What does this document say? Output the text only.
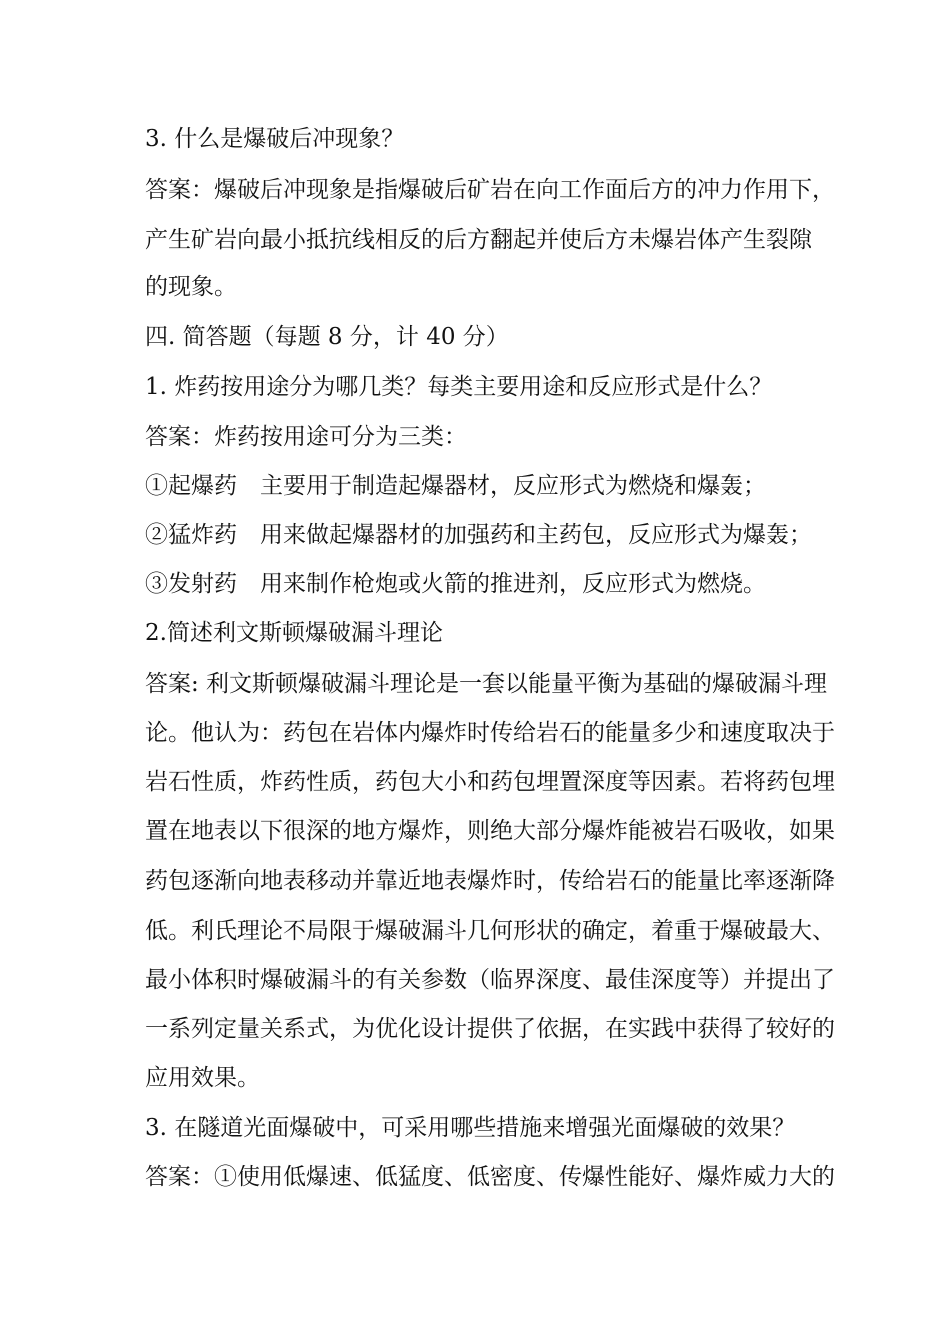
3. 什么是爆破后冲现象？
答案：爆破后冲现象是指爆破后矿岩在向工作面后方的冲力作用下，
产生矿岩向最小抵抗线相反的后方翻起并使后方未爆岩体产生裂隙
的现象。
四. 简答题（每题 8 分，计 40 分）
1. 炸药按用途分为哪几类？每类主要用途和反应形式是什么？
答案：炸药按用途可分为三类：
①起爆药　主要用于制造起爆器材，反应形式为燃烧和爆轰；
②猛炸药　用来做起爆器材的加强药和主药包，反应形式为爆轰；
③发射药　用来制作枪炮或火箭的推进剂，反应形式为燃烧。
2.简述利文斯顿爆破漏斗理论
答案: 利文斯顿爆破漏斗理论是一套以能量平衡为基础的爆破漏斗理
论。他认为：药包在岩体内爆炸时传给岩石的能量多少和速度取决于
岩石性质，炸药性质，药包大小和药包埋置深度等因素。若将药包埋
置在地表以下很深的地方爆炸，则绝大部分爆炸能被岩石吸收，如果
药包逐渐向地表移动并靠近地表爆炸时，传给岩石的能量比率逐渐降
低。利氏理论不局限于爆破漏斗几何形状的确定，着重于爆破最大、
最小体积时爆破漏斗的有关参数（临界深度、最佳深度等）并提出了
一系列定量关系式，为优化设计提供了依据，在实践中获得了较好的
应用效果。
3. 在隧道光面爆破中，可采用哪些措施来增强光面爆破的效果？
答案：①使用低爆速、低猛度、低密度、传爆性能好、爆炸威力大的
